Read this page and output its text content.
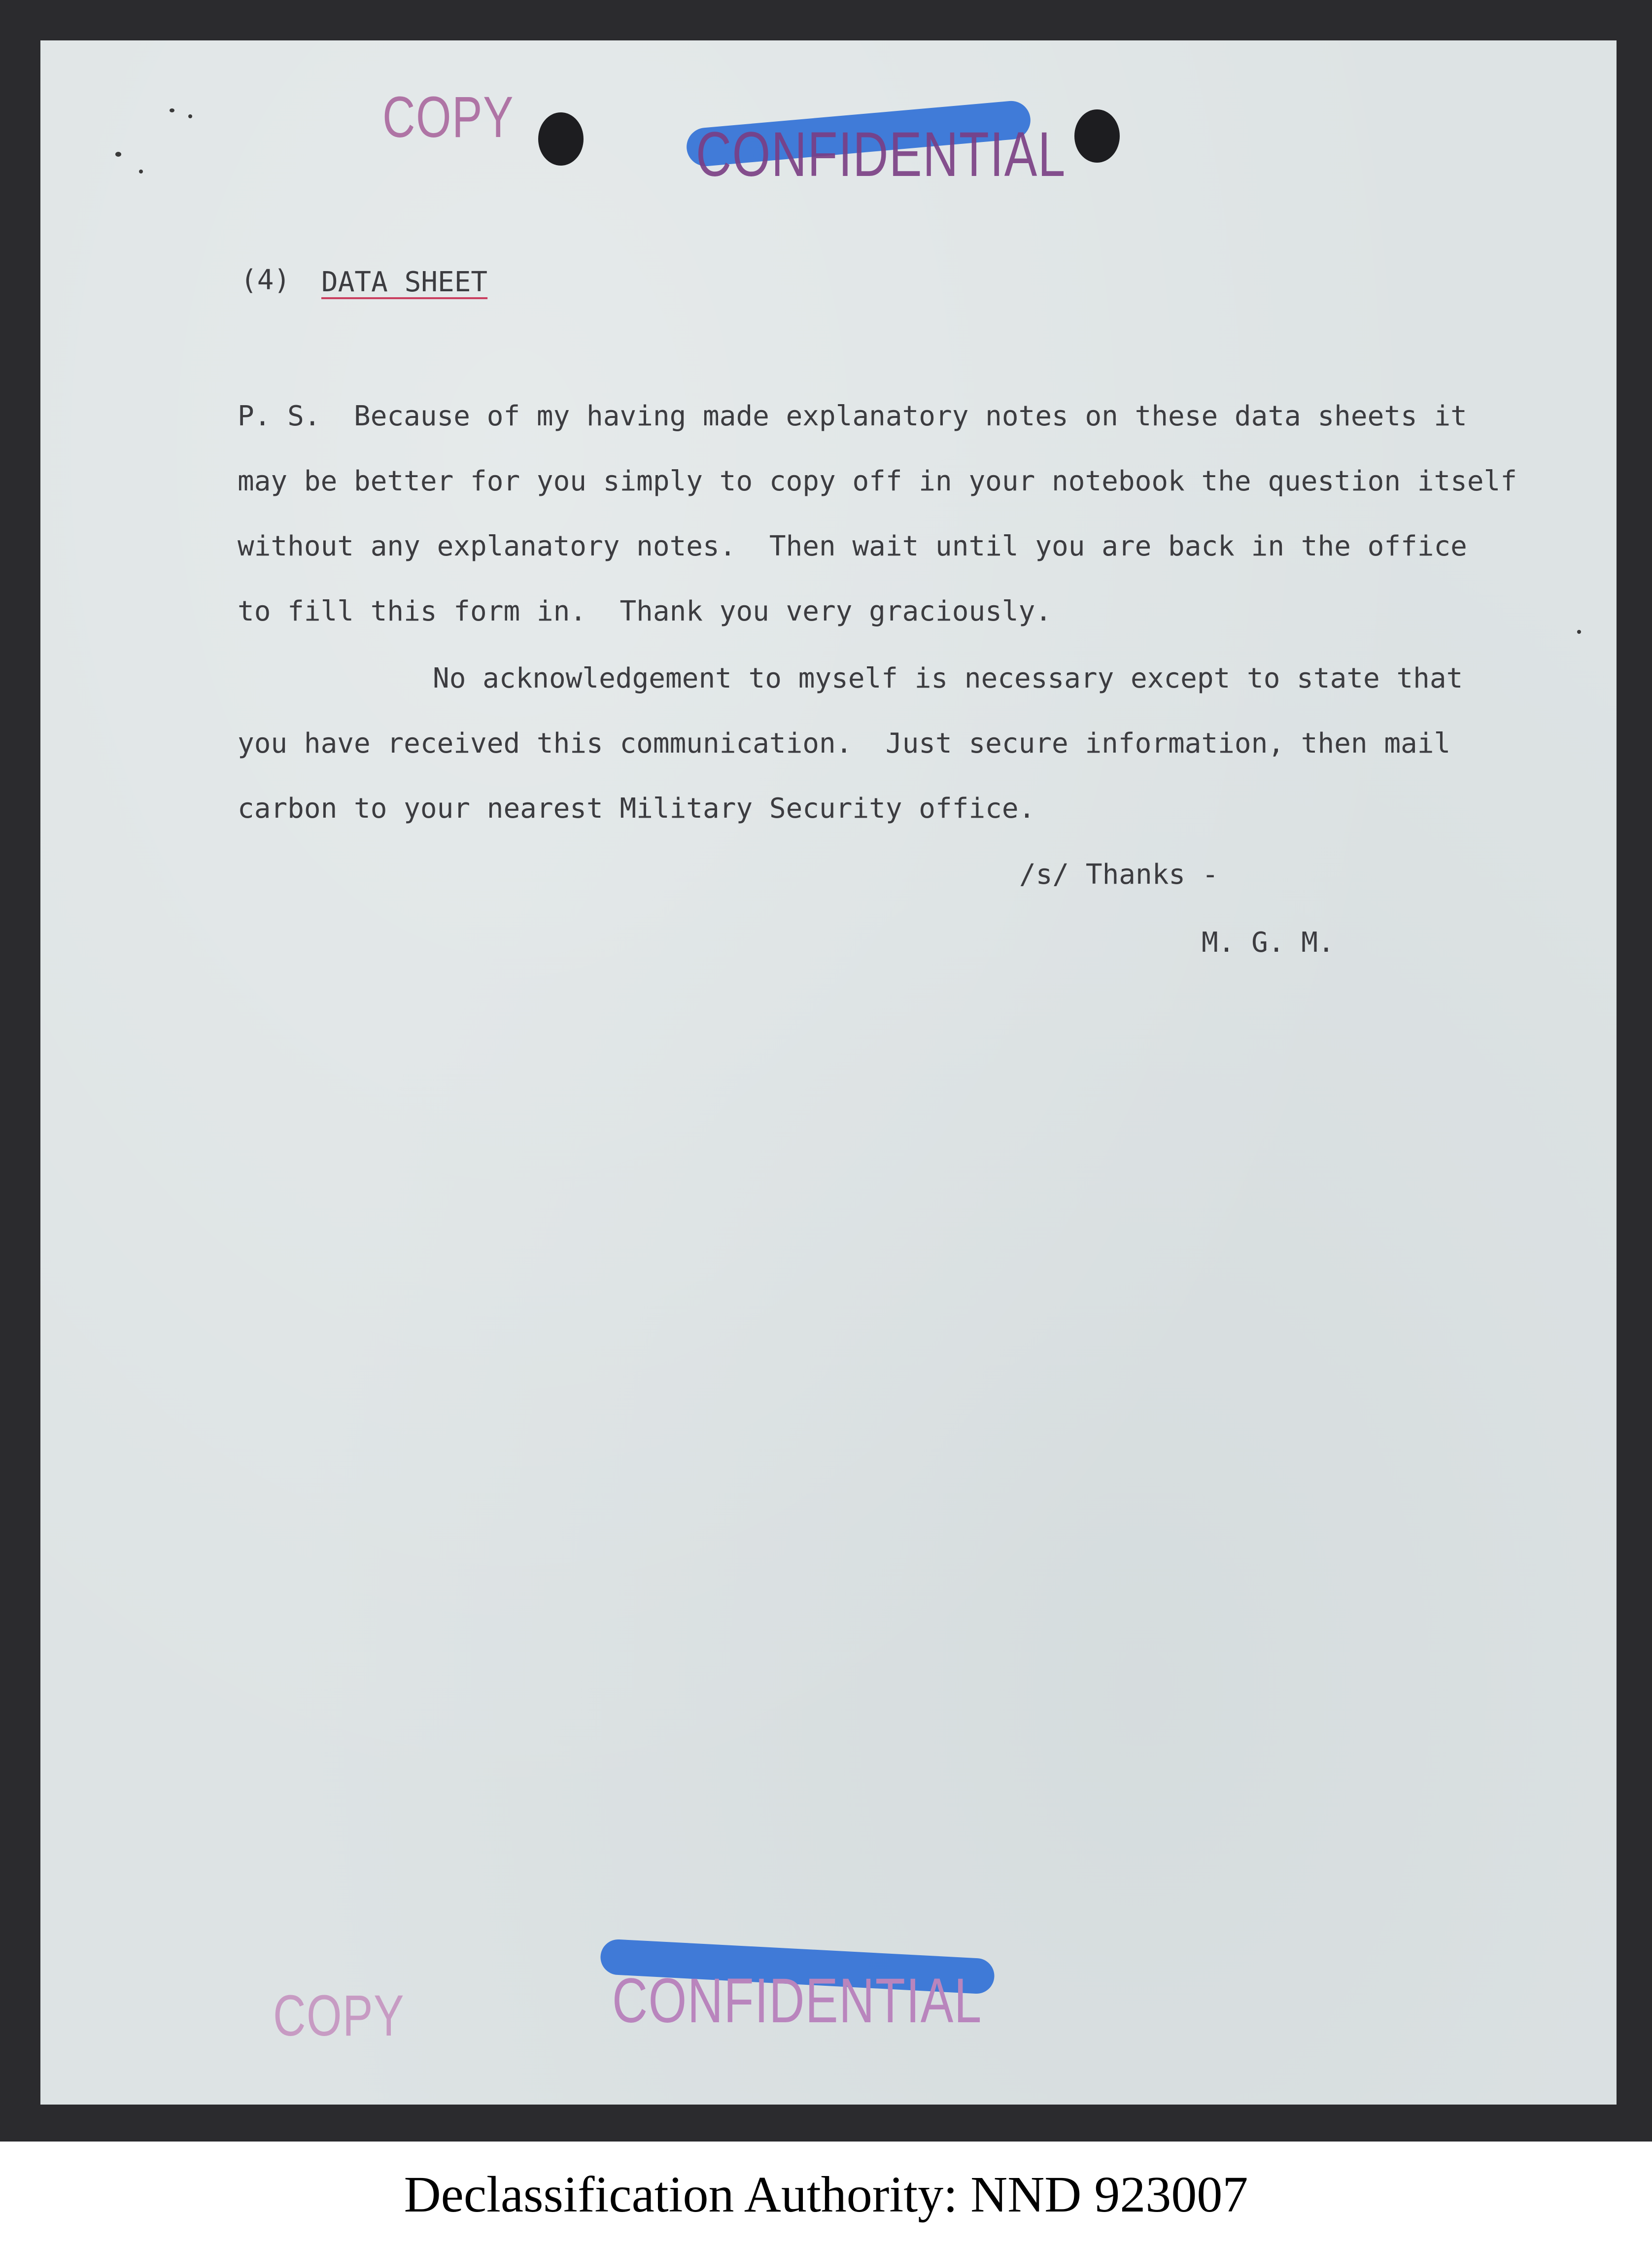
COPY
CONFIDENTIAL
(4) DATA SHEET
P. S.  Because of my having made explanatory notes on these data sheets it
may be better for you simply to copy off in your notebook the question itself
without any explanatory notes.  Then wait until you are back in the office
to fill this form in.  Thank you very graciously.
No acknowledgement to myself is necessary except to state that
you have received this communication.  Just secure information, then mail
carbon to your nearest Military Security office.
/s/ Thanks -
M. G. M.
CONFIDENTIAL
COPY
Declassification Authority: NND 923007
